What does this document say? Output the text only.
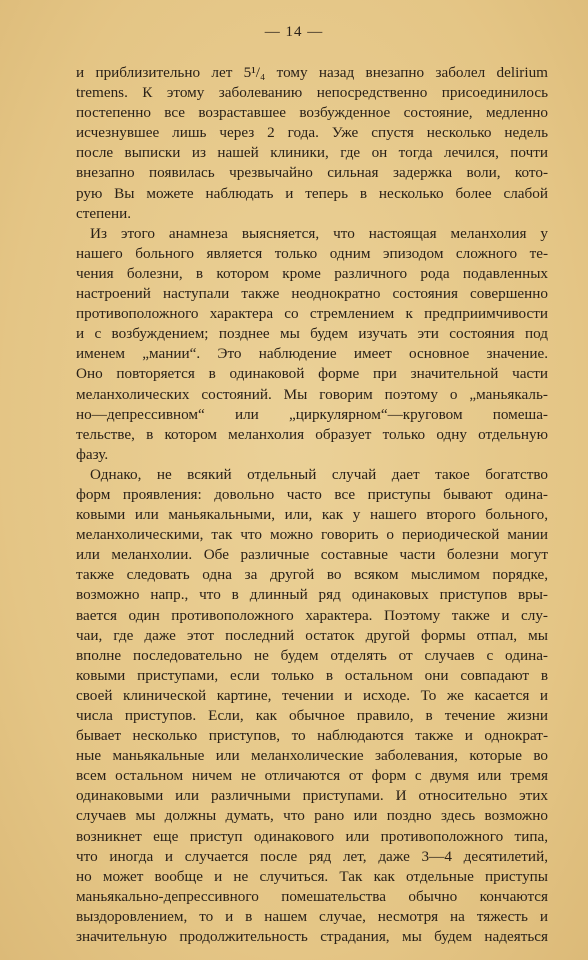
— 14 —
и приблизительно лет 5¹/₄ тому назад внезапно заболел delirium
tremens. К этому заболеванию непосредственно присоединилось
постепенно все возраставшее возбужденное состояние, медленно
исчезнувшее лишь через 2 года. Уже спустя несколько недель
после выписки из нашей клиники, где он тогда лечился, почти
внезапно появилась чрезвычайно сильная задержка воли, кото-
рую Вы можете наблюдать и теперь в несколько более слабой
степени.
Из этого анамнеза выясняется, что настоящая меланхолия у
нашего больного является только одним эпизодом сложного те-
чения болезни, в котором кроме различного рода подавленных
настроений наступали также неоднократно состояния совершенно
противоположного характера со стремлением к предприимчивости
и с возбуждением; позднее мы будем изучать эти состояния под
именем „мании“. Это наблюдение имеет основное значение.
Оно повторяется в одинаковой форме при значительной части
меланхолических состояний. Мы говорим поэтому о „маньякаль-
но—депрессивном“ или „циркулярном“—круговом помеша-
тельстве, в котором меланхолия образует только одну отдельную
фазу.
Однако, не всякий отдельный случай дает такое богатство
форм проявления: довольно часто все приступы бывают одина-
ковыми или маньякальными, или, как у нашего второго больного,
меланхолическими, так что можно говорить о периодической мании
или меланхолии. Обе различные составные части болезни могут
также следовать одна за другой во всяком мыслимом порядке,
возможно напр., что в длинный ряд одинаковых приступов вры-
вается один противоположного характера. Поэтому также и слу-
чаи, где даже этот последний остаток другой формы отпал, мы
вполне последовательно не будем отделять от случаев с одина-
ковыми приступами, если только в остальном они совпадают в
своей клинической картине, течении и исходе. То же касается и
числа приступов. Если, как обычное правило, в течение жизни
бывает несколько приступов, то наблюдаются также и однократ-
ные маньякальные или меланхолические заболевания, которые во
всем остальном ничем не отличаются от форм с двумя или тремя
одинаковыми или различными приступами. И относительно этих
случаев мы должны думать, что рано или поздно здесь возможно
возникнет еще приступ одинакового или противоположного типа,
что иногда и случается после ряд лет, даже 3—4 десятилетий,
но может вообще и не случиться. Так как отдельные приступы
маньякально-депрессивного помешательства обычно кончаются
выздоровлением, то и в нашем случае, несмотря на тяжесть и
значительную продолжительность страдания, мы будем надеяться
